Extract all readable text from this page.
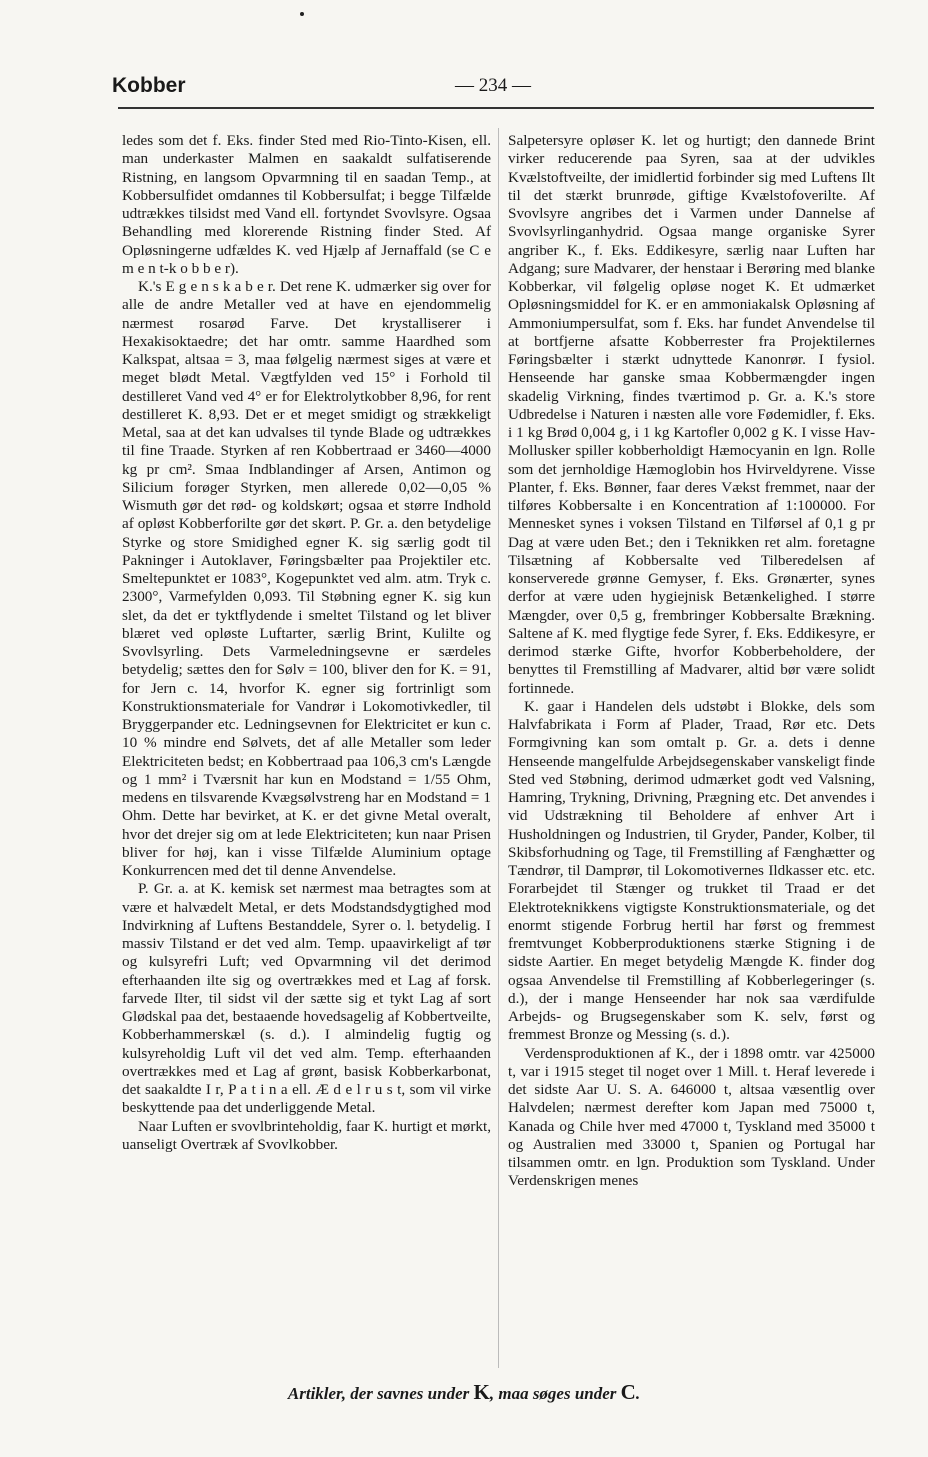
Kobber	— 234 —

ledes som det f. Eks. finder Sted med Rio-Tinto-Kisen, ell. man underkaster Malmen en saakaldt sulfatiserende Ristning, en langsom Opvarmning til en saadan Temp., at Kobbersulfidet omdannes til Kobbersulfat; i begge Tilfælde udtrækkes tilsidst med Vand ell. fortyndet Svovlsyre. Ogsaa Behandling med klorerende Ristning finder Sted. Af Opløsningerne udfældes K. ved Hjælp af Jernaffald (se C e m e n t-k o b b e r).

K.'s E g e n s k a b e r. Det rene K. udmærker sig over for alle de andre Metaller ved at have en ejendommelig nærmest rosarød Farve. Det krystalliserer i Hexakisoktaedre; det har omtr. samme Haardhed som Kalkspat, altsaa = 3, maa følgelig nærmest siges at være et meget blødt Metal. Vægtfylden ved 15° i Forhold til destilleret Vand ved 4° er for Elektrolytkobber 8,96, for rent destilleret K. 8,93. Det er et meget smidigt og strækkeligt Metal, saa at det kan udvalses til tynde Blade og udtrækkes til fine Traade. Styrken af ren Kobbertraad er 3460—4000 kg pr cm². Smaa Indblandinger af Arsen, Antimon og Silicium forøger Styrken, men allerede 0,02—0,05 % Wismuth gør det rød- og koldskørt; ogsaa et større Indhold af opløst Kobberforilte gør det skørt. P. Gr. a. den betydelige Styrke og store Smidighed egner K. sig særlig godt til Pakninger i Autoklaver, Føringsbælter paa Projektiler etc. Smeltepunktet er 1083°, Kogepunktet ved alm. atm. Tryk c. 2300°, Varmefylden 0,093. Til Støbning egner K. sig kun slet, da det er tyktflydende i smeltet Tilstand og let bliver blæret ved opløste Luftarter, særlig Brint, Kulilte og Svovlsyrling. Dets Varmeledningsevne er særdeles betydelig; sættes den for Sølv = 100, bliver den for K. = 91, for Jern c. 14, hvorfor K. egner sig fortrinligt som Konstruktionsmateriale for Vandrør i Lokomotivkedler, til Bryggerpander etc. Ledningsevnen for Elektricitet er kun c. 10 % mindre end Sølvets, det af alle Metaller som leder Elektriciteten bedst; en Kobbertraad paa 106,3 cm's Længde og 1 mm² i Tværsnit har kun en Modstand = 1/55 Ohm, medens en tilsvarende Kvægsølvstreng har en Modstand = 1 Ohm. Dette har bevirket, at K. er det givne Metal overalt, hvor det drejer sig om at lede Elektriciteten; kun naar Prisen bliver for høj, kan i visse Tilfælde Aluminium optage Konkurrencen med det til denne Anvendelse.

P. Gr. a. at K. kemisk set nærmest maa betragtes som at være et halvædelt Metal, er dets Modstandsdygtighed mod Indvirkning af Luftens Bestanddele, Syrer o. l. betydelig. I massiv Tilstand er det ved alm. Temp. upaavirkeligt af tør og kulsyrefri Luft; ved Opvarmning vil det derimod efterhaanden ilte sig og overtrækkes med et Lag af forsk. farvede Ilter, til sidst vil der sætte sig et tykt Lag af sort Glødskal paa det, bestaaende hovedsagelig af Kobbertveilte, Kobberhammerskæl (s. d.). I almindelig fugtig og kulsyreholdig Luft vil det ved alm. Temp. efterhaanden overtrækkes med et Lag af grønt, basisk Kobberkarbonat, det saakaldte I r, P a t i n a ell. Æ d e l r u s t, som vil virke beskyttende paa det underliggende Metal.

Naar Luften er svovlbrinteholdig, faar K. hurtigt et mørkt, uanseligt Overtræk af Svovlkobber.

Salpetersyre opløser K. let og hurtigt; den dannede Brint virker reducerende paa Syren, saa at der udvikles Kvælstoftveilte, der imidlertid forbinder sig med Luftens Ilt til det stærkt brunrøde, giftige Kvælstofoverilte. Af Svovlsyre angribes det i Varmen under Dannelse af Svovlsyrlinganhydrid. Ogsaa mange organiske Syrer angriber K., f. Eks. Eddikesyre, særlig naar Luften har Adgang; sure Madvarer, der henstaar i Berøring med blanke Kobberkar, vil følgelig opløse noget K. Et udmærket Opløsningsmiddel for K. er en ammoniakalsk Opløsning af Ammoniumpersulfat, som f. Eks. har fundet Anvendelse til at bortfjerne afsatte Kobberrester fra Projektilernes Føringsbælter i stærkt udnyttede Kanonrør. I fysiol. Henseende har ganske smaa Kobbermængder ingen skadelig Virkning, findes tværtimod p. Gr. a. K.'s store Udbredelse i Naturen i næsten alle vore Fødemidler, f. Eks. i 1 kg Brød 0,004 g, i 1 kg Kartofler 0,002 g K. I visse Hav-Mollusker spiller kobberholdigt Hæmocyanin en lgn. Rolle som det jernholdige Hæmoglobin hos Hvirveldyrene. Visse Planter, f. Eks. Bønner, faar deres Vækst fremmet, naar der tilføres Kobbersalte i en Koncentration af 1:100000. For Mennesket synes i voksen Tilstand en Tilførsel af 0,1 g pr Dag at være uden Bet.; den i Teknikken ret alm. foretagne Tilsætning af Kobbersalte ved Tilberedelsen af konserverede grønne Gemyser, f. Eks. Grønærter, synes derfor at være uden hygiejnisk Betænkelighed. I større Mængder, over 0,5 g, frembringer Kobbersalte Brækning. Saltene af K. med flygtige fede Syrer, f. Eks. Eddikesyre, er derimod stærke Gifte, hvorfor Kobberbeholdere, der benyttes til Fremstilling af Madvarer, altid bør være solidt fortinnede.

K. gaar i Handelen dels udstøbt i Blokke, dels som Halvfabrikata i Form af Plader, Traad, Rør etc. Dets Formgivning kan som omtalt p. Gr. a. dets i denne Henseende mangelfulde Arbejdsegenskaber vanskeligt finde Sted ved Støbning, derimod udmærket godt ved Valsning, Hamring, Trykning, Drivning, Prægning etc. Det anvendes i vid Udstrækning til Beholdere af enhver Art i Husholdningen og Industrien, til Gryder, Pander, Kolber, til Skibsforhudning og Tage, til Fremstilling af Fænghætter og Tændrør, til Damprør, til Lokomotivernes Ildkasser etc. etc. Forarbejdet til Stænger og trukket til Traad er det Elektroteknikkens vigtigste Konstruktionsmateriale, og det enormt stigende Forbrug hertil har først og fremmest fremtvunget Kobberproduktionens stærke Stigning i de sidste Aartier. En meget betydelig Mængde K. finder dog ogsaa Anvendelse til Fremstilling af Kobberlegeringer (s. d.), der i mange Henseender har nok saa værdifulde Arbejds- og Brugsegenskaber som K. selv, først og fremmest Bronze og Messing (s. d.).

Verdensproduktionen af K., der i 1898 omtr. var 425000 t, var i 1915 steget til noget over 1 Mill. t. Heraf leverede i det sidste Aar U. S. A. 646000 t, altsaa væsentlig over Halvdelen; nærmest derefter kom Japan med 75000 t, Kanada og Chile hver med 47000 t, Tyskland med 35000 t og Australien med 33000 t, Spanien og Portugal har tilsammen omtr. en lgn. Produktion som Tyskland. Under Verdenskrigen menes

Artikler, der savnes under K, maa søges under C.
